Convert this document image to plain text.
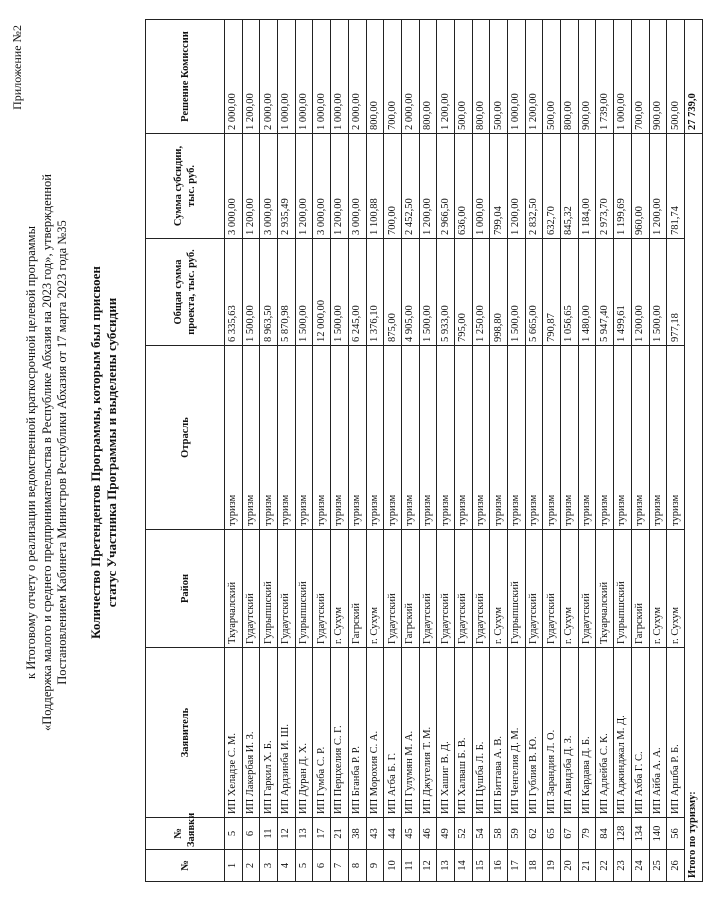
Приложение №2
к Итоговому отчету о реализации ведомственной краткосрочной целевой программы «Поддержка малого и среднего предпринимательства в Республике Абхазия на 2023 год», утвержденной Постановлением Кабинета Министров Республики Абхазия от 17 марта 2023 года №35 Количество Претендентов Программы, которым был присвоен статус Участника Программы и выделены субсидии
№	№ Заявки	Заявитель	Район	Отрасль	Общая сумма проекта, тыс. руб.	Сумма субсидии, тыс. руб.	Решение Комиссии
1	5	ИП Хеладзе С. М.	Ткуарчалский	туризм	6 335,63	3 000,00	2 000,00
2	6	ИП Лакербая И. З.	Гудаутский	туризм	1 500,00	1 200,00	1 200,00
3	11	ИП Гаркил Х. Б.	Гулрыпшский	туризм	8 963,50	3 000,00	2 000,00
4	12	ИП Ардзинба И. Ш.	Гудаутский	туризм	5 870,98	2 935,49	1 000,00
5	13	ИП Дуран Д. Х.	Гулрыпшский	туризм	1 500,00	1 200,00	1 000,00
6	17	ИП Гумба С. Р.	Гудаутский	туризм	12 000,00	3 000,00	1 000,00
7	21	ИП Перцхелия С. Г.	г. Сухум	туризм	1 500,00	1 200,00	1 000,00
8	38	ИП Бганба Р. Р.	Гагрский	туризм	6 245,00	3 000,00	2 000,00
9	43	ИП Морохия С. А.	г. Сухум	туризм	1 376,10	1 100,88	800,00
10	44	ИП Агба Б. Г.	Гудаутский	туризм	875,00	700,00	700,00
11	45	ИП Гулумян М. А.	Гагрский	туризм	4 905,00	2 452,50	2 000,00
12	46	ИП Джугелия Т. М.	Гудаутский	туризм	1 500,00	1 200,00	800,00
13	49	ИП Хашиг В. Д.	Гудаутский	туризм	5 933,00	2 966,50	1 200,00
14	52	ИП Халваш Б. В.	Гудаутский	туризм	795,00	636,00	500,00
15	54	ИП Цушба Л. Б.	Гудаутский	туризм	1 250,00	1 000,00	800,00
16	58	ИП Биттава А. В.	г. Сухум	туризм	998,80	799,04	500,00
17	59	ИП Ченгелия Д. М.	Гулрыпшский	туризм	1 500,00	1 200,00	1 000,00
18	62	ИП Гублия В. Ю.	Гудаутский	туризм	5 665,00	2 832,50	1 200,00
19	65	ИП Зарандия Л. О.	Гудаутский	туризм	790,87	632,70	500,00
20	67	ИП Авидзба Д. З.	г. Сухум	туризм	1 056,65	845,32	800,00
21	79	ИП Кардава Д. Б.	Гудаутский	туризм	1 480,00	1 184,00	900,00
22	84	ИП Адлейба С. К.	Ткуарчалский	туризм	5 947,40	2 973,70	1 739,00
23	128	ИП Аджинджал М. Д.	Гулрыпшский	туризм	1 499,61	1 199,69	1 000,00
24	134	ИП Ахба Г. С.	Гагрский	туризм	1 200,00	960,00	700,00
25	140	ИП Айба А. А.	г. Сухум	туризм	1 500,00	1 200,00	900,00
26	56	ИП Аршба Р. Б.	г. Сухум	туризм	977,18	781,74	500,00
Итого по туризму:							27 739,0
